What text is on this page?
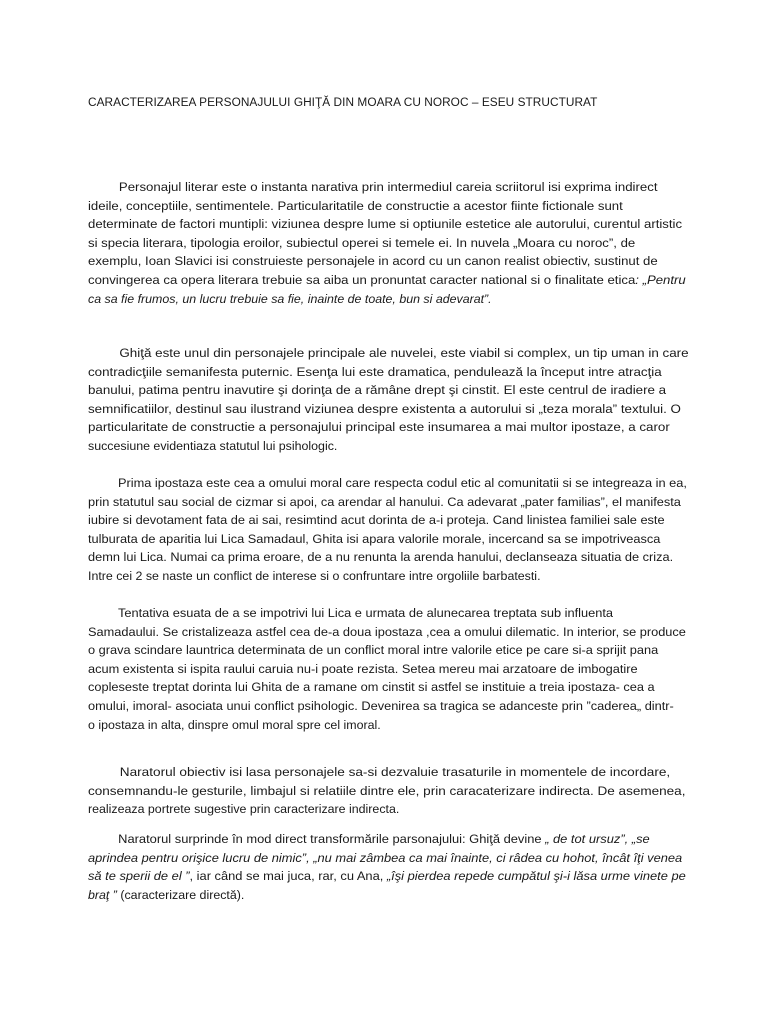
CARACTERIZAREA PERSONAJULUI GHIŢĂ DIN MOARA CU NOROC – ESEU STRUCTURAT

Personajul literar este o instanta narativa prin intermediul careia scriitorul isi exprima indirect
ideile, conceptiile, sentimentele. Particularitatile de constructie a acestor fiinte fictionale sunt
determinate de factori muntipli: viziunea despre lume si optiunile estetice ale autorului, curentul artistic
si specia literara, tipologia eroilor, subiectul operei si temele ei. In nuvela „Moara cu noroc”, de
exemplu, Ioan Slavici isi construieste personajele in acord cu un canon realist obiectiv, sustinut de
convingerea ca opera literara trebuie sa aiba un pronuntat caracter national si o finalitate etica: „Pentru
ca sa fie frumos, un lucru trebuie sa fie, inainte de toate, bun si adevarat”.

Ghiţă este unul din personajele principale ale nuvelei, este viabil si complex, un tip uman in care
contradicţiile semanifesta puternic. Esenţa lui este dramatica, pendulează la început intre atracţia
banului, patima pentru inavutire şi dorinţa de a rămâne drept şi cinstit. El este centrul de iradiere a
semnificatiilor, destinul sau ilustrand viziunea despre existenta a autorului si „teza morala” textului. O
particularitate de constructie a personajului principal este insumarea a mai multor ipostaze, a caror
succesiune evidentiaza statutul lui psihologic.

Prima ipostaza este cea a omului moral care respecta codul etic al comunitatii si se integreaza in ea,
prin statutul sau social de cizmar si apoi, ca arendar al hanului. Ca adevarat „pater familias”, el manifesta
iubire si devotament fata de ai sai, resimtind acut dorinta de a-i proteja. Cand linistea familiei sale este
tulburata de aparitia lui Lica Samadaul, Ghita isi apara valorile morale, incercand sa se impotriveasca
demn lui Lica. Numai ca prima eroare, de a nu renunta la arenda hanului, declanseaza situatia de criza.
Intre cei 2 se naste un conflict de interese si o confruntare intre orgoliile barbatesti.

Tentativa esuata de a se impotrivi lui Lica e urmata de alunecarea treptata sub influenta
Samadaului. Se cristalizeaza astfel cea de-a doua ipostaza ,cea a omului dilematic. In interior, se produce
o grava scindare launtrica determinata de un conflict moral intre valorile etice pe care si-a sprijit pana
acum existenta si ispita raului caruia nu-i poate rezista. Setea mereu mai arzatoare de imbogatire
copleseste treptat dorinta lui Ghita de a ramane om cinstit si astfel se instituie a treia ipostaza- cea a
omului, imoral- asociata unui conflict psihologic. Devenirea sa tragica se adanceste prin ”caderea„ dintr-
o ipostaza in alta, dinspre omul moral spre cel imoral.

Naratorul obiectiv isi lasa personajele sa-si dezvaluie trasaturile in momentele de incordare,
consemnandu-le gesturile, limbajul si relatiile dintre ele, prin caracaterizare indirecta. De asemenea,
realizeaza portrete sugestive prin caracterizare indirecta.

Naratorul surprinde în mod direct transformările parsonajului: Ghiţă devine „ de tot ursuz”, „se
aprindea pentru orişice lucru de nimic”, „nu mai zâmbea ca mai înainte, ci râdea cu hohot, încât îţi venea
să te sperii de el ”, iar când se mai juca, rar, cu Ana, „îşi pierdea repede cumpătul şi-i lăsa urme vinete pe
braţ ” (caracterizare directă).
